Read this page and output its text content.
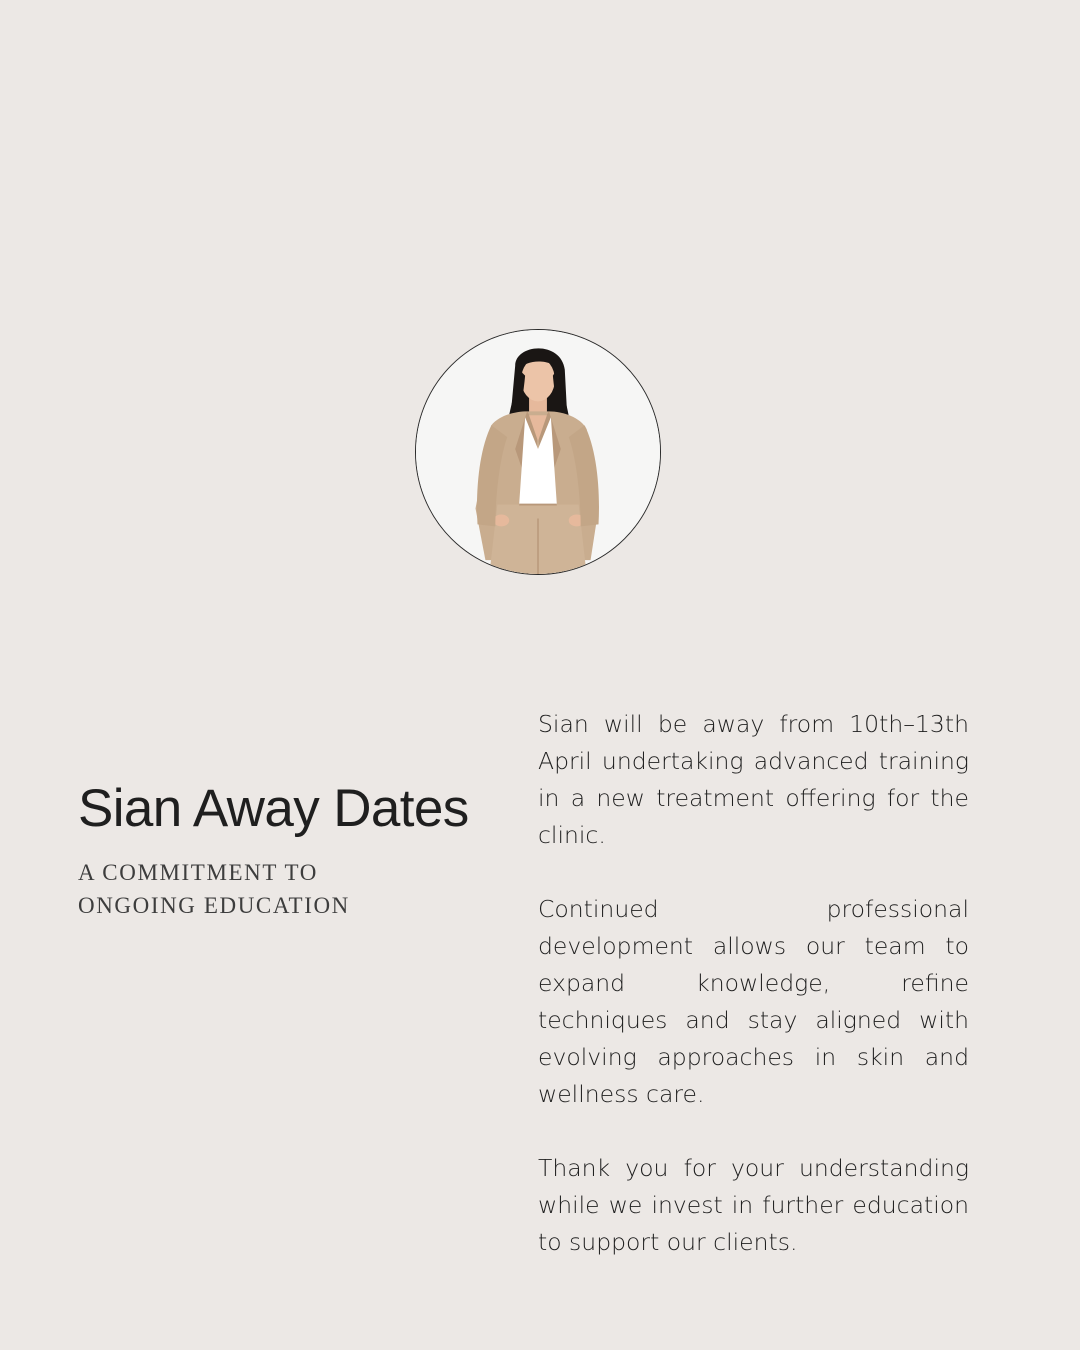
Sian Away Dates
A COMMITMENT TO ONGOING EDUCATION

Sian will be away from 10th–13th April undertaking advanced training in a new treatment offering for the clinic.

Continued professional development allows our team to expand knowledge, refine techniques and stay aligned with evolving approaches in skin and wellness care.

Thank you for your understanding while we invest in further education to support our clients.
